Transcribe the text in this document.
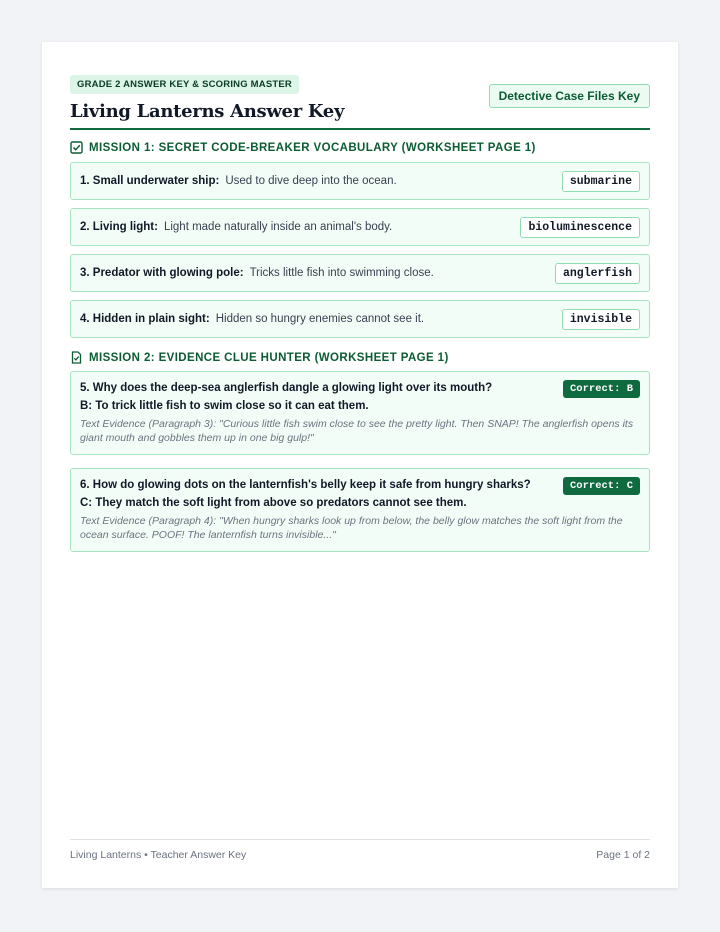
GRADE 2 ANSWER KEY & SCORING MASTER
Living Lanterns Answer Key
Detective Case Files Key
MISSION 1: SECRET CODE-BREAKER VOCABULARY (WORKSHEET PAGE 1)
1. Small underwater ship: Used to dive deep into the ocean.	submarine
2. Living light: Light made naturally inside an animal's body.	bioluminescence
3. Predator with glowing pole: Tricks little fish into swimming close.	anglerfish
4. Hidden in plain sight: Hidden so hungry enemies cannot see it.	invisible
MISSION 2: EVIDENCE CLUE HUNTER (WORKSHEET PAGE 1)
5. Why does the deep-sea anglerfish dangle a glowing light over its mouth?	Correct: B
B: To trick little fish to swim close so it can eat them.
Text Evidence (Paragraph 3): "Curious little fish swim close to see the pretty light. Then SNAP! The anglerfish opens its giant mouth and gobbles them up in one big gulp!"
6. How do glowing dots on the lanternfish's belly keep it safe from hungry sharks?	Correct: C
C: They match the soft light from above so predators cannot see them.
Text Evidence (Paragraph 4): "When hungry sharks look up from below, the belly glow matches the soft light from the ocean surface. POOF! The lanternfish turns invisible..."
Living Lanterns • Teacher Answer Key	Page 1 of 2
